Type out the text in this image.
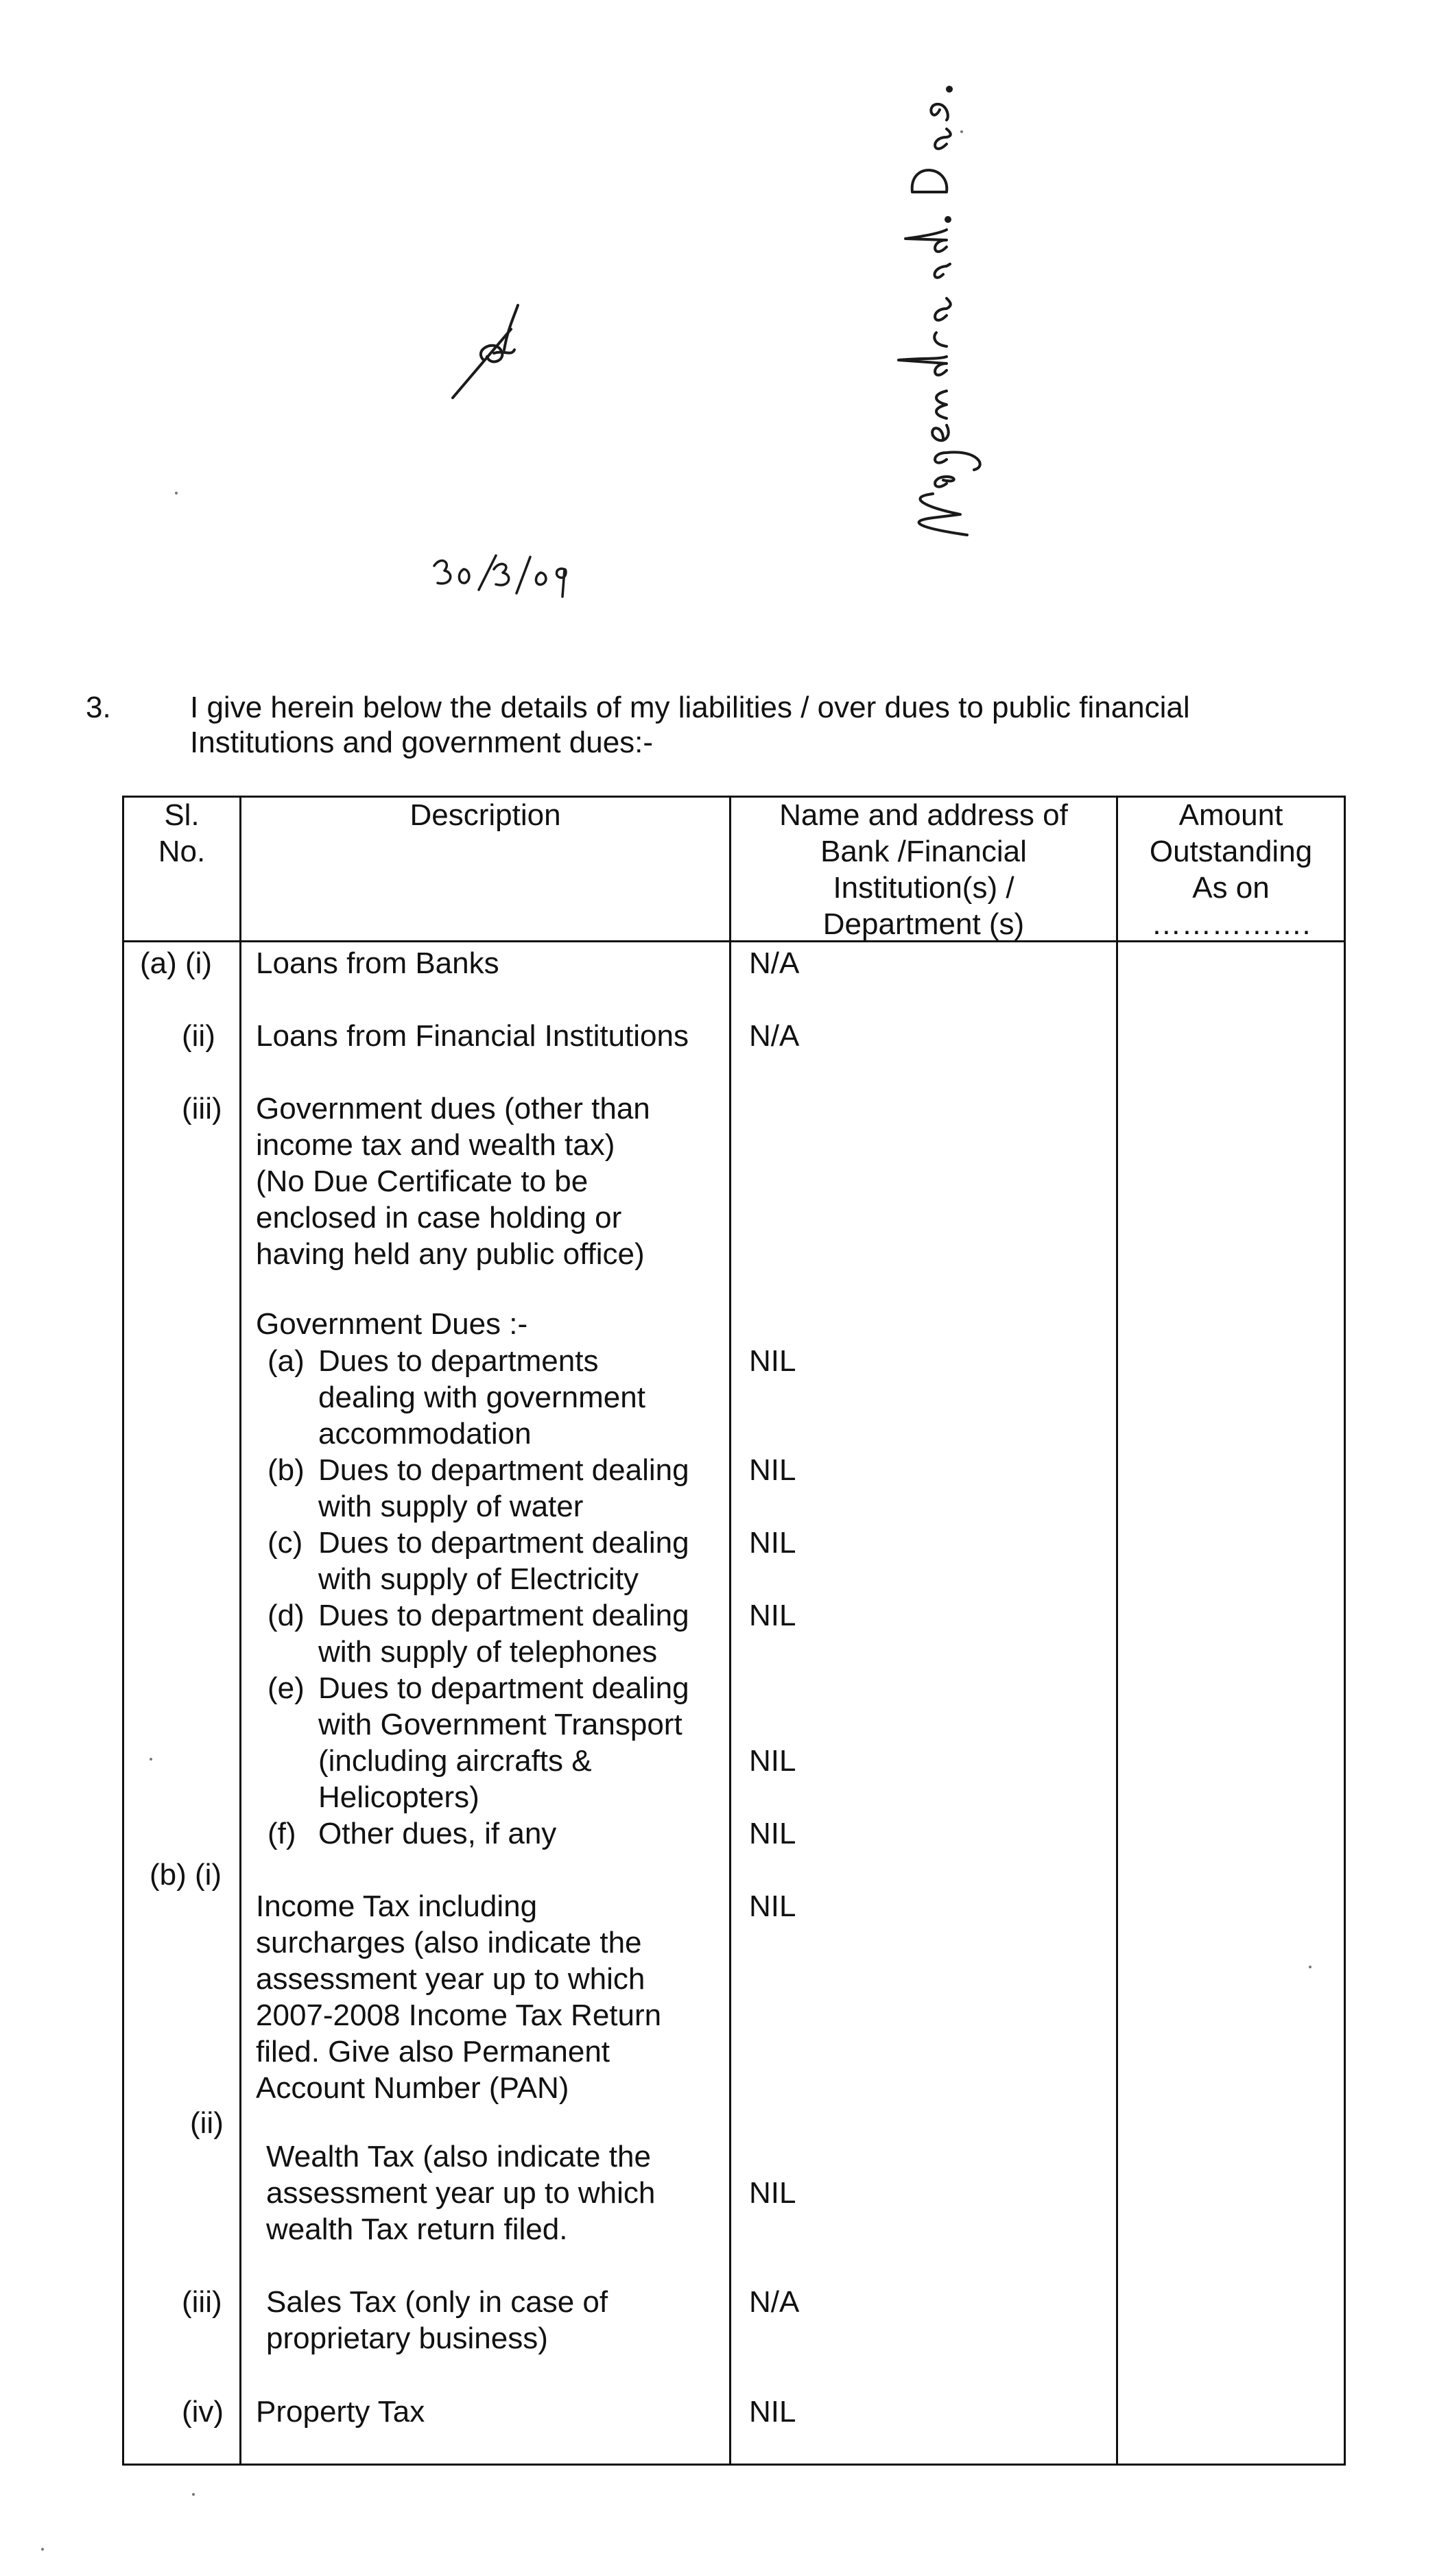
3.	I give herein below the details of my liabilities / over dues to public financial
Institutions and government dues:-
Sl.
No.
Description	Name and address of
Bank /Financial
Institution(s) /
Department (s)
Amount
Outstanding
As on
…………….
(a) (i)
(ii)
(iii)
(b) (i)
(ii)
(iii)
(iv)
Loans from Banks
Loans from Financial Institutions
Government dues (other than
income tax and wealth tax)
(No Due Certificate to be
enclosed in case holding or
having held any public office)
Government Dues :-
(a) Dues to departments
dealing with government
accommodation
(b) Dues to department dealing
with supply of water
(c) Dues to department dealing
with supply of Electricity
(d) Dues to department dealing
with supply of telephones
(e) Dues to department dealing
with Government Transport
(including aircrafts &
Helicopters)
(f) Other dues, if any
Income Tax including
surcharges (also indicate the
assessment year up to which
2007-2008 Income Tax Return
filed. Give also Permanent
Account Number (PAN)
Wealth Tax (also indicate the
assessment year up to which
wealth Tax return filed.
Sales Tax (only in case of
proprietary business)
Property Tax
N/A
N/A
NIL
NIL
NIL
NIL
NIL
NIL
NIL
NIL
N/A
NIL
